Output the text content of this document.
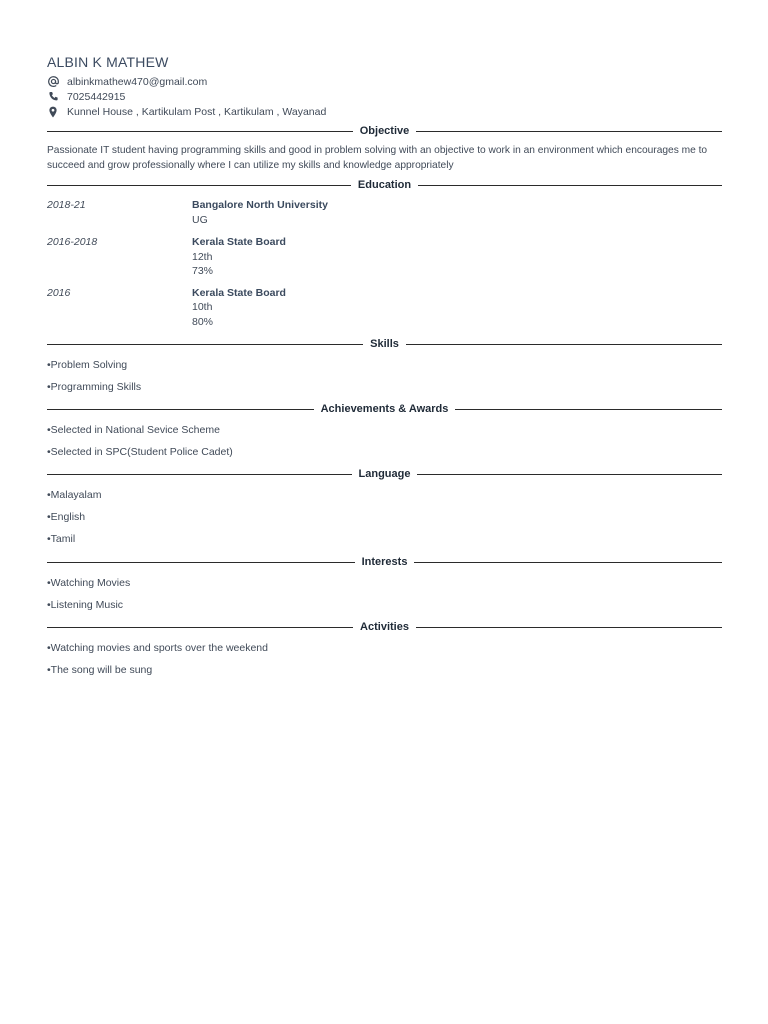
ALBIN K MATHEW
albinkmathew470@gmail.com
7025442915
Kunnel House , Kartikulam Post , Kartikulam , Wayanad
Objective

Passionate IT student having programming skills and good in problem solving with an objective to work in an environment which encourages me to succeed and grow professionally where I can utilize my skills and knowledge appropriately

Education
2018-21	Bangalore North University
UG
2016-2018	Kerala State Board
12th
73%
2016	Kerala State Board
10th
80%
Skills
•Problem Solving
•Programming Skills
Achievements & Awards
•Selected in National Sevice Scheme
•Selected in SPC(Student Police Cadet)
Language
•Malayalam
•English
•Tamil
Interests
•Watching Movies
•Listening Music
Activities
•Watching movies and sports over the weekend
•The song will be sung
